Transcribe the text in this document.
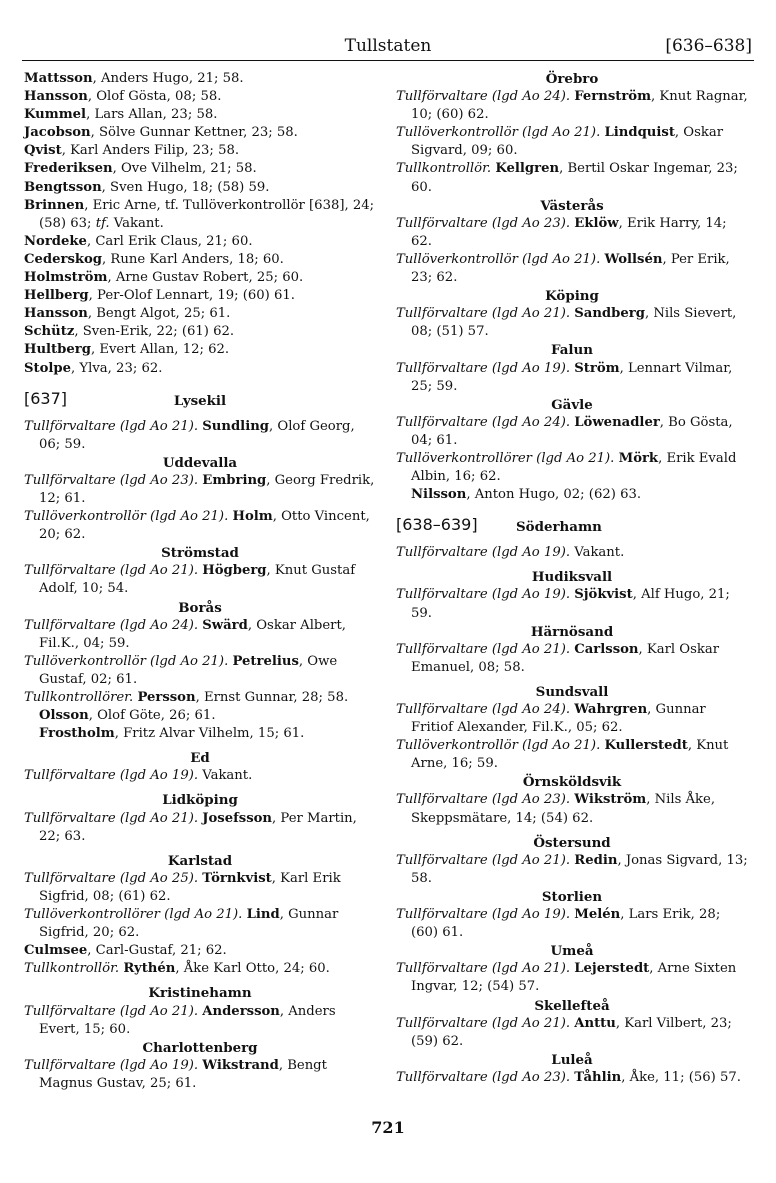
Tullstaten	[636–638]

Mattsson, Anders Hugo, 21; 58.

Hansson, Olof Gösta, 08; 58.

Kummel, Lars Allan, 23; 58.

Jacobson, Sölve Gunnar Kettner, 23; 58.

Qvist, Karl Anders Filip, 23; 58.

Frederiksen, Ove Vilhelm, 21; 58.

Bengtsson, Sven Hugo, 18; (58) 59.

Brinnen, Eric Arne, tf. Tullöverkontrollör [638], 24; (58) 63; tf. Vakant.

Nordeke, Carl Erik Claus, 21; 60.

Cederskog, Rune Karl Anders, 18; 60.

Holmström, Arne Gustav Robert, 25; 60.

Hellberg, Per-Olof Lennart, 19; (60) 61.

Hansson, Bengt Algot, 25; 61.

Schütz, Sven-Erik, 22; (61) 62.

Hultberg, Evert Allan, 12; 62.

Stolpe, Ylva, 23; 62.

[637]	Lysekil

Tullförvaltare (lgd Ao 21). Sundling, Olof Georg, 06; 59.

Uddevalla

Tullförvaltare (lgd Ao 23). Embring, Georg Fredrik, 12; 61.

Tullöverkontrollör (lgd Ao 21). Holm, Otto Vincent, 20; 62.

Strömstad

Tullförvaltare (lgd Ao 21). Högberg, Knut Gustaf Adolf, 10; 54.

Borås

Tullförvaltare (lgd Ao 24). Swärd, Oskar Albert, Fil.K., 04; 59.

Tullöverkontrollör (lgd Ao 21). Petrelius, Owe Gustaf, 02; 61.

Tullkontrollörer. Persson, Ernst Gunnar, 28; 58.

Olsson, Olof Göte, 26; 61.

Frostholm, Fritz Alvar Vilhelm, 15; 61.

Ed

Tullförvaltare (lgd Ao 19). Vakant.

Lidköping

Tullförvaltare (lgd Ao 21). Josefsson, Per Martin, 22; 63.

Karlstad

Tullförvaltare (lgd Ao 25). Törnkvist, Karl Erik Sigfrid, 08; (61) 62.

Tullöverkontrollörer (lgd Ao 21). Lind, Gunnar Sigfrid, 20; 62.

Culmsee, Carl-Gustaf, 21; 62.

Tullkontrollör. Rythén, Åke Karl Otto, 24; 60.

Kristinehamn

Tullförvaltare (lgd Ao 21). Andersson, Anders Evert, 15; 60.

Charlottenberg

Tullförvaltare (lgd Ao 19). Wikstrand, Bengt Magnus Gustav, 25; 61.

Örebro

Tullförvaltare (lgd Ao 24). Fernström, Knut Ragnar, 10; (60) 62.

Tullöverkontrollör (lgd Ao 21). Lindquist, Oskar Sigvard, 09; 60.

Tullkontrollör. Kellgren, Bertil Oskar Ingemar, 23; 60.

Västerås

Tullförvaltare (lgd Ao 23). Eklöw, Erik Harry, 14; 62.

Tullöverkontrollör (lgd Ao 21). Wollsén, Per Erik, 23; 62.

Köping

Tullförvaltare (lgd Ao 21). Sandberg, Nils Sievert, 08; (51) 57.

Falun

Tullförvaltare (lgd Ao 19). Ström, Lennart Vilmar, 25; 59.

Gävle

Tullförvaltare (lgd Ao 24). Löwenadler, Bo Gösta, 04; 61.

Tullöverkontrollörer (lgd Ao 21). Mörk, Erik Evald Albin, 16; 62.

Nilsson, Anton Hugo, 02; (62) 63.

[638–639]	Söderhamn

Tullförvaltare (lgd Ao 19). Vakant.

Hudiksvall

Tullförvaltare (lgd Ao 19). Sjökvist, Alf Hugo, 21; 59.

Härnösand

Tullförvaltare (lgd Ao 21). Carlsson, Karl Oskar Emanuel, 08; 58.

Sundsvall

Tullförvaltare (lgd Ao 24). Wahrgren, Gunnar Fritiof Alexander, Fil.K., 05; 62.

Tullöverkontrollör (lgd Ao 21). Kullerstedt, Knut Arne, 16; 59.

Örnsköldsvik

Tullförvaltare (lgd Ao 23). Wikström, Nils Åke, Skeppsmätare, 14; (54) 62.

Östersund

Tullförvaltare (lgd Ao 21). Redin, Jonas Sigvard, 13; 58.

Storlien

Tullförvaltare (lgd Ao 19). Melén, Lars Erik, 28; (60) 61.

Umeå

Tullförvaltare (lgd Ao 21). Lejerstedt, Arne Sixten Ingvar, 12; (54) 57.

Skellefteå

Tullförvaltare (lgd Ao 21). Anttu, Karl Vilbert, 23; (59) 62.

Luleå

Tullförvaltare (lgd Ao 23). Tåhlin, Åke, 11; (56) 57.

721
